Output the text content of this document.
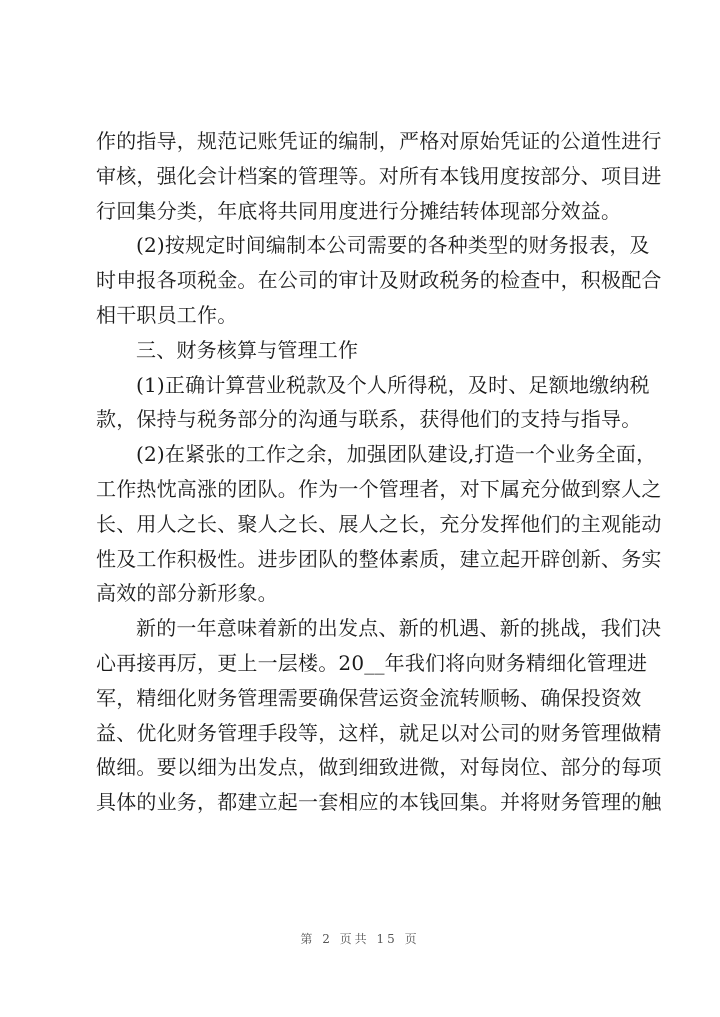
作的指导，规范记账凭证的编制，严格对原始凭证的公道性进行
审核，强化会计档案的管理等。对所有本钱用度按部分、项目进
行回集分类，年底将共同用度进行分摊结转体现部分效益。
(2)按规定时间编制本公司需要的各种类型的财务报表，及
时申报各项税金。在公司的审计及财政税务的检查中，积极配合
相干职员工作。
三、财务核算与管理工作
(1)正确计算营业税款及个人所得税，及时、足额地缴纳税
款，保持与税务部分的沟通与联系，获得他们的支持与指导。
(2)在紧张的工作之余，加强团队建设,打造一个业务全面，
工作热忱高涨的团队。作为一个管理者，对下属充分做到察人之
长、用人之长、聚人之长、展人之长，充分发挥他们的主观能动
性及工作积极性。进步团队的整体素质，建立起开辟创新、务实
高效的部分新形象。
新的一年意味着新的出发点、新的机遇、新的挑战，我们决
心再接再厉，更上一层楼。20__年我们将向财务精细化管理进
军，精细化财务管理需要确保营运资金流转顺畅、确保投资效
益、优化财务管理手段等，这样，就足以对公司的财务管理做精
做细。要以细为出发点，做到细致进微，对每岗位、部分的每项
具体的业务，都建立起一套相应的本钱回集。并将财务管理的触
第 2 页共 15 页
